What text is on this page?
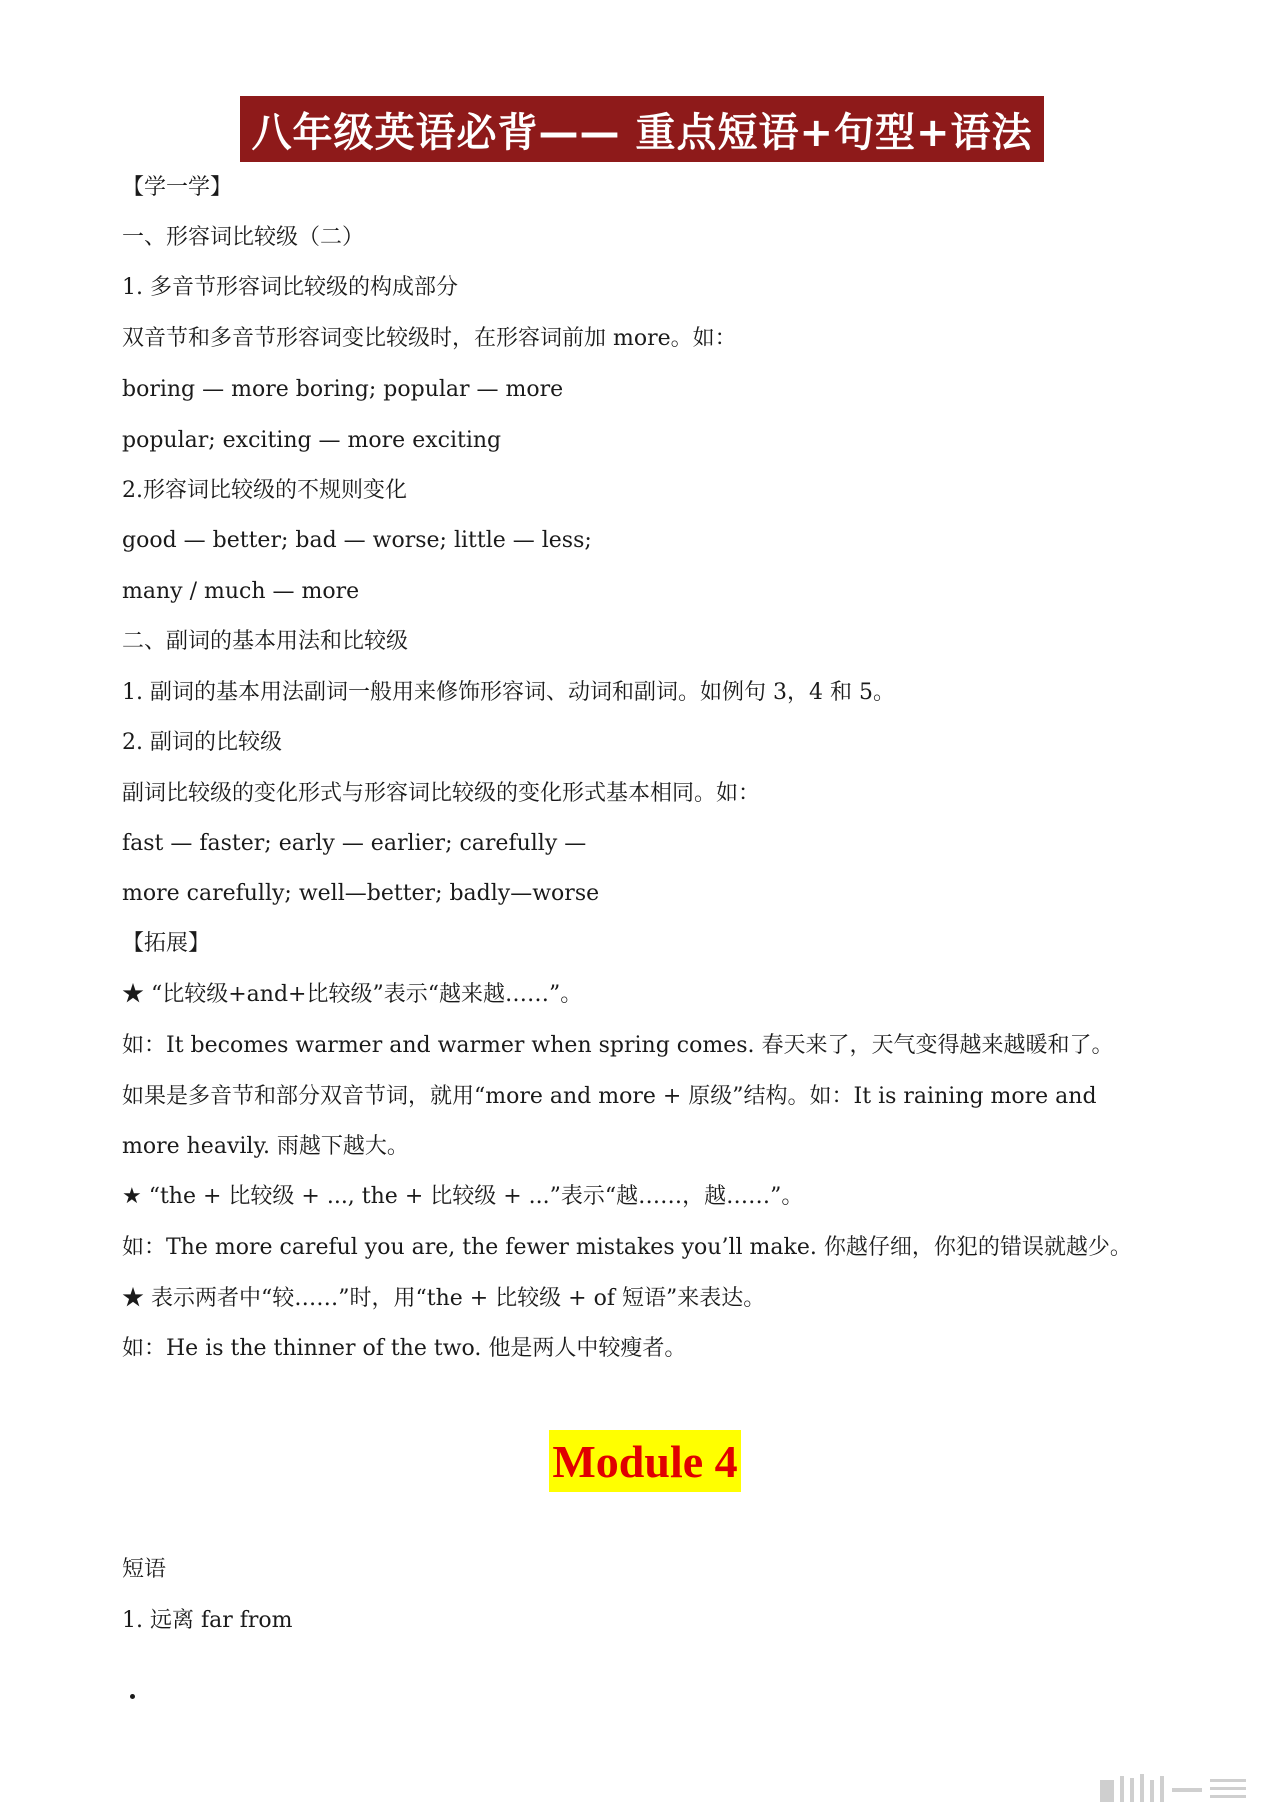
八年级英语必背—— 重点短语+句型+语法
【学一学】
一、形容词比较级（二）
1. 多音节形容词比较级的构成部分
双音节和多音节形容词变比较级时，在形容词前加 more。如：
boring — more boring; popular — more
popular; exciting — more exciting
2.形容词比较级的不规则变化
good — better; bad — worse; little — less;
many / much — more
二、副词的基本用法和比较级
1. 副词的基本用法副词一般用来修饰形容词、动词和副词。如例句 3，4 和 5。
2. 副词的比较级
副词比较级的变化形式与形容词比较级的变化形式基本相同。如：
fast — faster; early — earlier; carefully —
more carefully; well—better; badly—worse
【拓展】
★ “比较级+and+比较级”表示“越来越……”。
如：It becomes warmer and warmer when spring comes. 春天来了，天气变得越来越暖和了。
如果是多音节和部分双音节词，就用“more and more + 原级”结构。如：It is raining more and
more heavily. 雨越下越大。
★ “the + 比较级 + ..., the + 比较级 + ...”表示“越……，越……”。
如：The more careful you are, the fewer mistakes you’ll make. 你越仔细，你犯的错误就越少。
★ 表示两者中“较……”时，用“the + 比较级 + of 短语”来表达。
如：He is the thinner of the two. 他是两人中较瘦者。
Module 4
短语
1. 远离 far from
